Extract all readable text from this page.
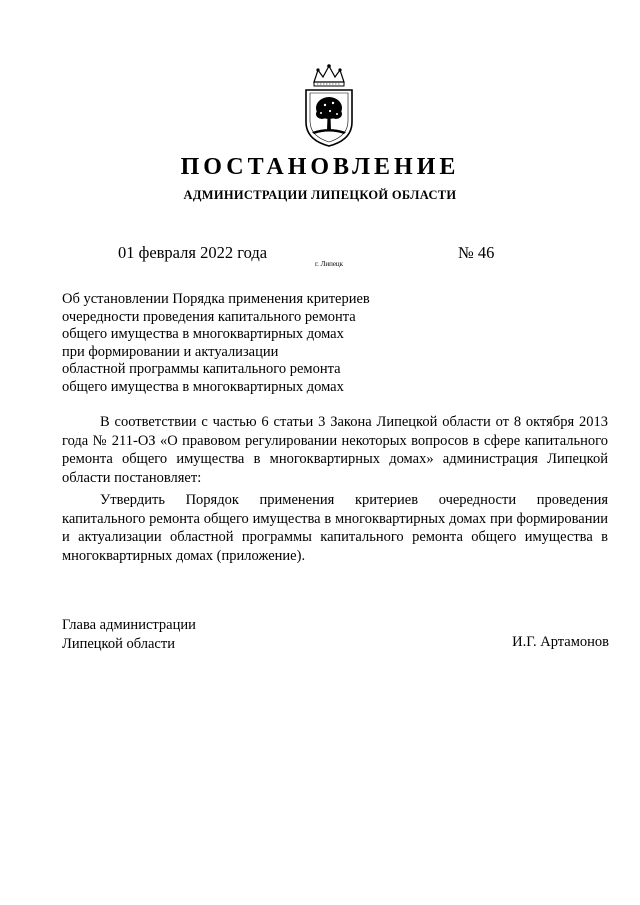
ПОСТАНОВЛЕНИЕ
АДМИНИСТРАЦИИ ЛИПЕЦКОЙ ОБЛАСТИ
01 февраля 2022 года
г. Липецк
№ 46
Об установлении Порядка применения критериев
очередности проведения капитального ремонта
общего имущества в многоквартирных домах
при формировании и актуализации
областной программы капитального ремонта
общего имущества в многоквартирных домах

В соответствии с частью 6 статьи 3 Закона Липецкой области от 8 октября 2013 года № 211-ОЗ «О правовом регулировании некоторых вопросов в сфере капитального ремонта общего имущества в многоквартирных домах» администрация Липецкой области постановляет:

Утвердить Порядок применения критериев очередности проведения капитального ремонта общего имущества в многоквартирных домах при формировании и актуализации областной программы капитального ремонта общего имущества в многоквартирных домах (приложение).

Глава администрации
Липецкой области	И.Г. Артамонов
